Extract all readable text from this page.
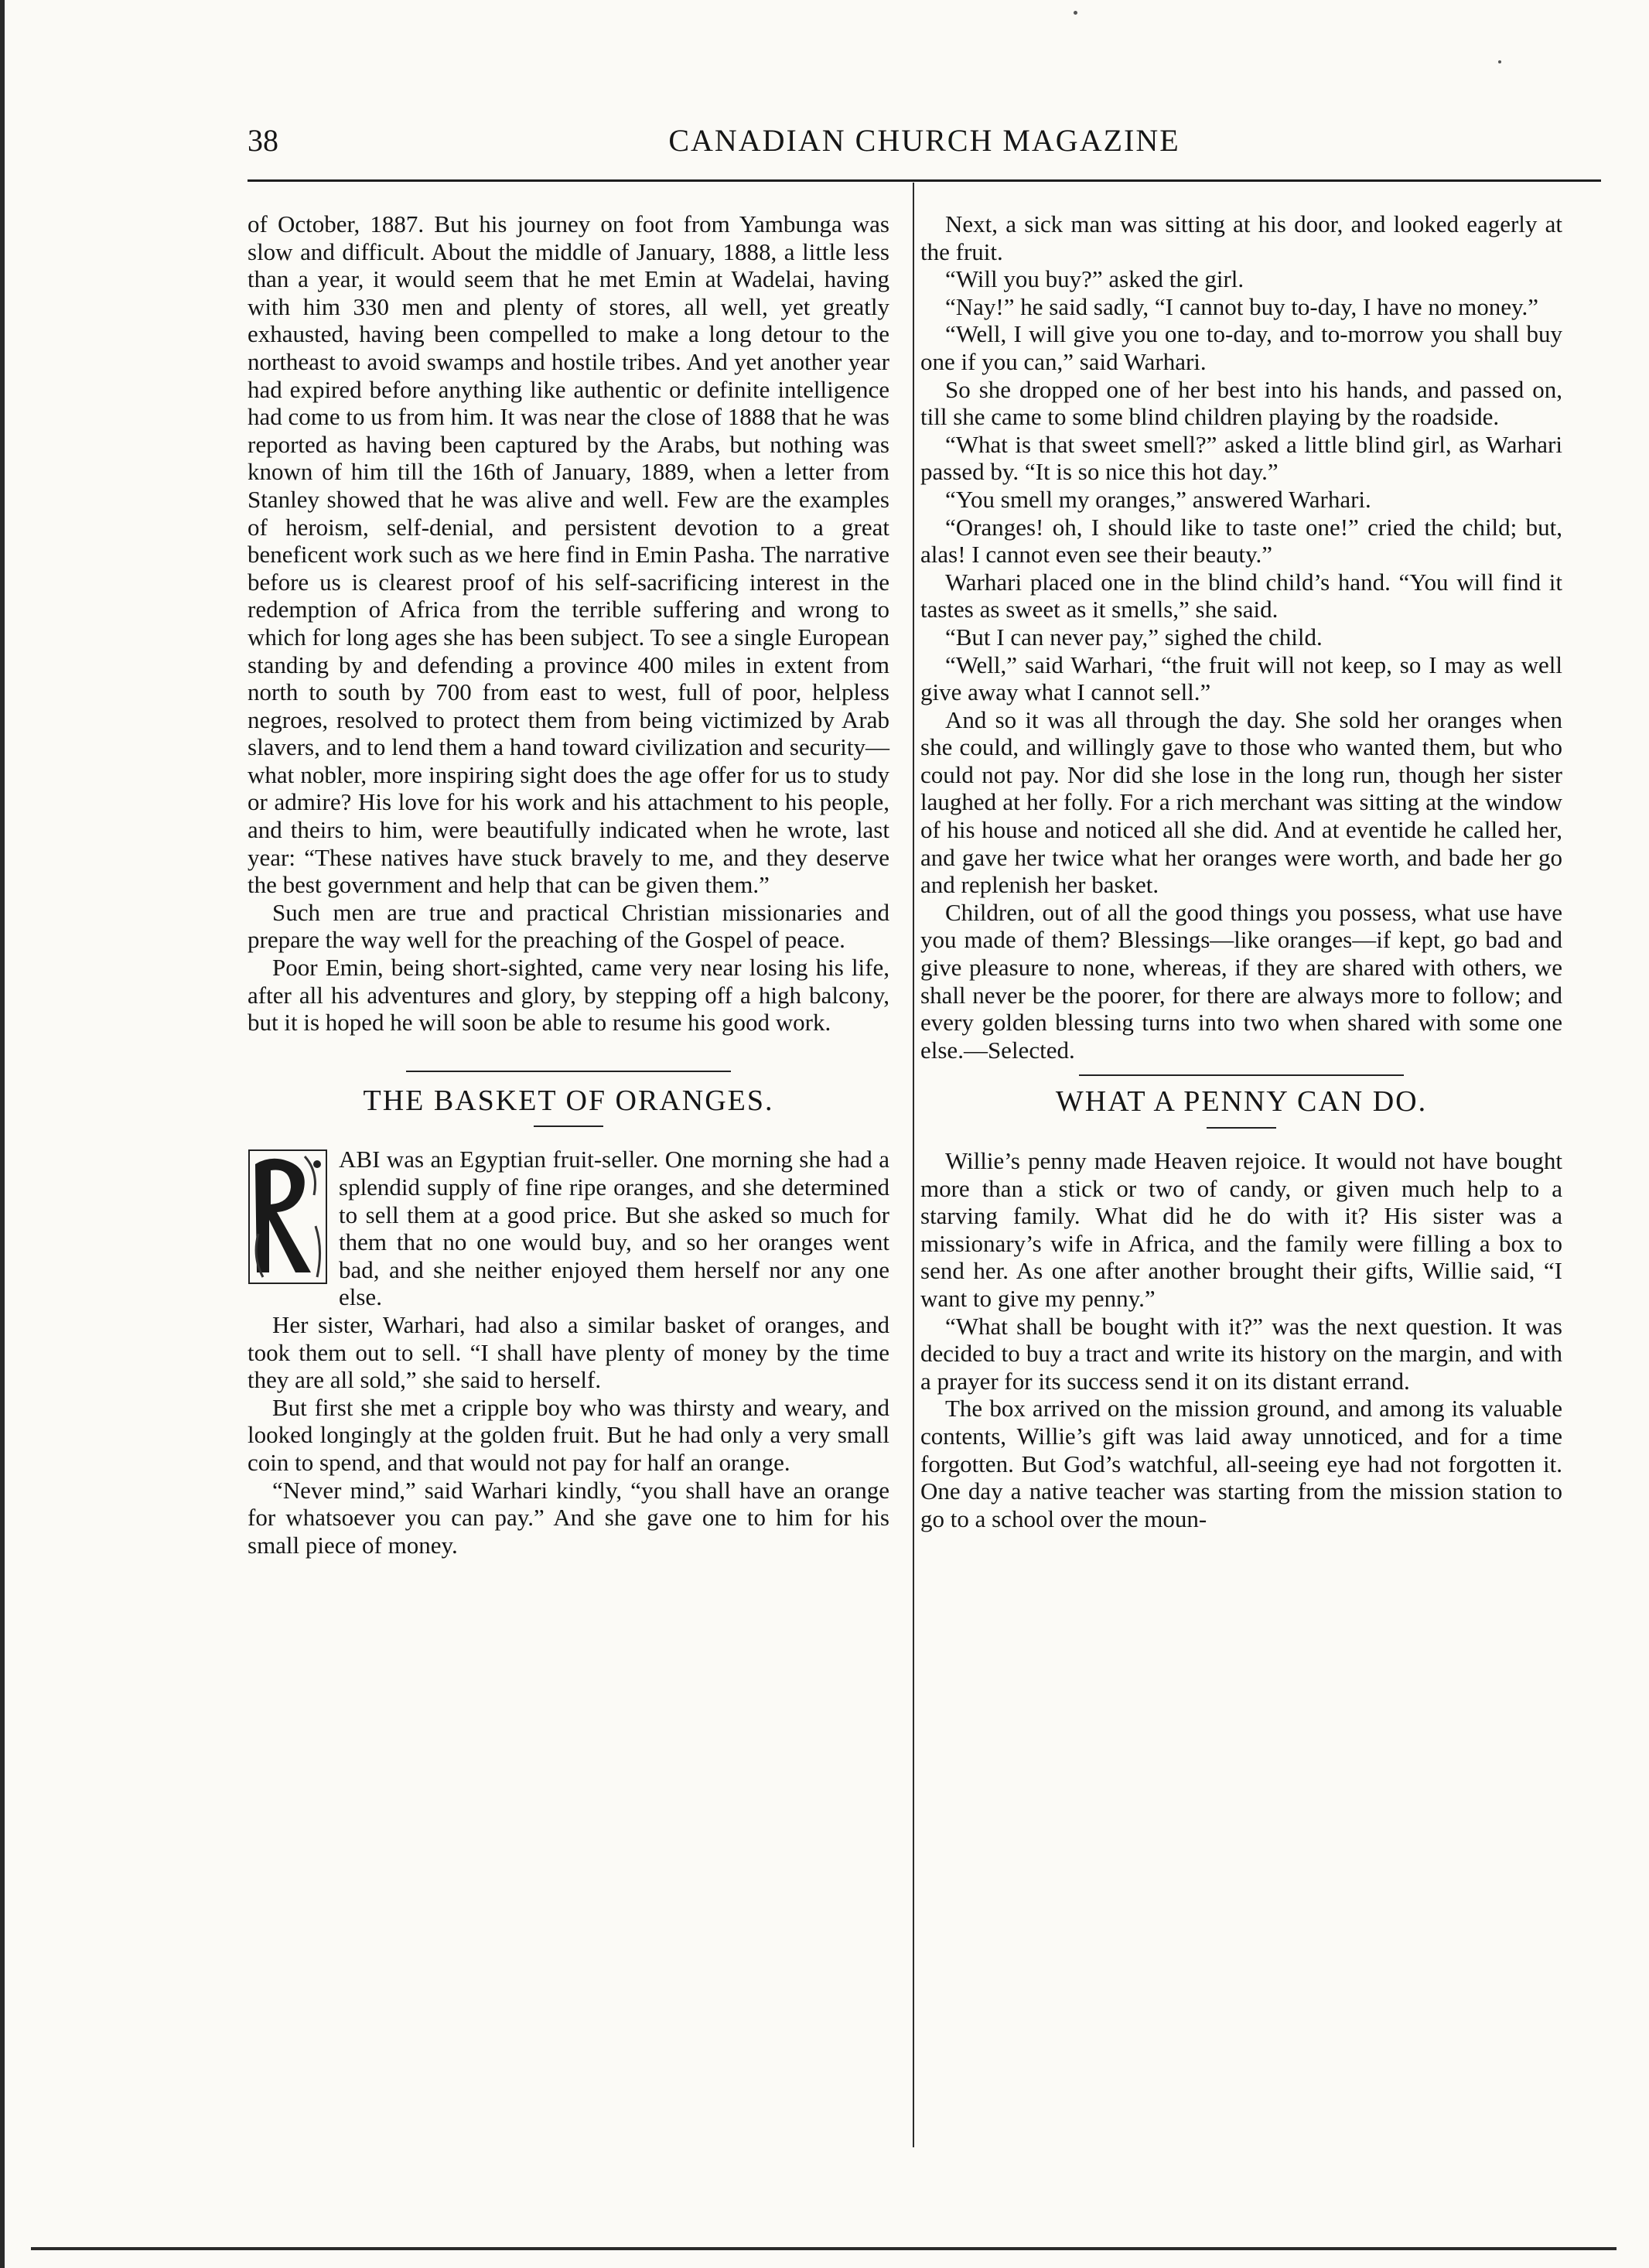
38	CANADIAN CHURCH MAGAZINE

of October, 1887. But his journey on foot from Yambunga was slow and difficult. About the middle of January, 1888, a little less than a year, it would seem that he met Emin at Wadelai, having with him 330 men and plenty of stores, all well, yet greatly exhausted, having been compelled to make a long detour to the northeast to avoid swamps and hostile tribes. And yet another year had expired before anything like authentic or definite intelligence had come to us from him. It was near the close of 1888 that he was reported as having been captured by the Arabs, but nothing was known of him till the 16th of January, 1889, when a letter from Stanley showed that he was alive and well. Few are the examples of heroism, self-denial, and persistent devotion to a great beneficent work such as we here find in Emin Pasha. The narrative before us is clearest proof of his self-sacrificing interest in the redemption of Africa from the terrible suffering and wrong to which for long ages she has been subject. To see a single European standing by and defending a province 400 miles in extent from north to south by 700 from east to west, full of poor, helpless negroes, resolved to protect them from being victimized by Arab slavers, and to lend them a hand toward civilization and security—what nobler, more inspiring sight does the age offer for us to study or admire? His love for his work and his attachment to his people, and theirs to him, were beautifully indicated when he wrote, last year: “These natives have stuck bravely to me, and they deserve the best government and help that can be given them.”

Such men are true and practical Christian missionaries and prepare the way well for the preaching of the Gospel of peace.

Poor Emin, being short-sighted, came very near losing his life, after all his adventures and glory, by stepping off a high balcony, but it is hoped he will soon be able to resume his good work.

THE BASKET OF ORANGES.

ABI was an Egyptian fruit-seller. One morning she had a splendid supply of fine ripe oranges, and she determined to sell them at a good price. But she asked so much for them that no one would buy, and so her oranges went bad, and she neither enjoyed them herself nor any one else.

Her sister, Warhari, had also a similar basket of oranges, and took them out to sell. “I shall have plenty of money by the time they are all sold,” she said to herself.

But first she met a cripple boy who was thirsty and weary, and looked longingly at the golden fruit. But he had only a very small coin to spend, and that would not pay for half an orange.

“Never mind,” said Warhari kindly, “you shall have an orange for whatsoever you can pay.” And she gave one to him for his small piece of money.

Next, a sick man was sitting at his door, and looked eagerly at the fruit.

“Will you buy?” asked the girl.

“Nay!” he said sadly, “I cannot buy to-day, I have no money.”

“Well, I will give you one to-day, and to-morrow you shall buy one if you can,” said Warhari.

So she dropped one of her best into his hands, and passed on, till she came to some blind children playing by the roadside.

“What is that sweet smell?” asked a little blind girl, as Warhari passed by. “It is so nice this hot day.”

“You smell my oranges,” answered Warhari.

“Oranges! oh, I should like to taste one!” cried the child; but, alas! I cannot even see their beauty.”

Warhari placed one in the blind child’s hand. “You will find it tastes as sweet as it smells,” she said.

“But I can never pay,” sighed the child.

“Well,” said Warhari, “the fruit will not keep, so I may as well give away what I cannot sell.”

And so it was all through the day. She sold her oranges when she could, and willingly gave to those who wanted them, but who could not pay. Nor did she lose in the long run, though her sister laughed at her folly. For a rich merchant was sitting at the window of his house and noticed all she did. And at eventide he called her, and gave her twice what her oranges were worth, and bade her go and replenish her basket.

Children, out of all the good things you possess, what use have you made of them? Blessings—like oranges—if kept, go bad and give pleasure to none, whereas, if they are shared with others, we shall never be the poorer, for there are always more to follow; and every golden blessing turns into two when shared with some one else.—Selected.

WHAT A PENNY CAN DO.

Willie’s penny made Heaven rejoice. It would not have bought more than a stick or two of candy, or given much help to a starving family. What did he do with it? His sister was a missionary’s wife in Africa, and the family were filling a box to send her. As one after another brought their gifts, Willie said, “I want to give my penny.”

“What shall be bought with it?” was the next question. It was decided to buy a tract and write its history on the margin, and with a prayer for its success send it on its distant errand.

The box arrived on the mission ground, and among its valuable contents, Willie’s gift was laid away unnoticed, and for a time forgotten. But God’s watchful, all-seeing eye had not forgotten it. One day a native teacher was starting from the mission station to go to a school over the moun-
